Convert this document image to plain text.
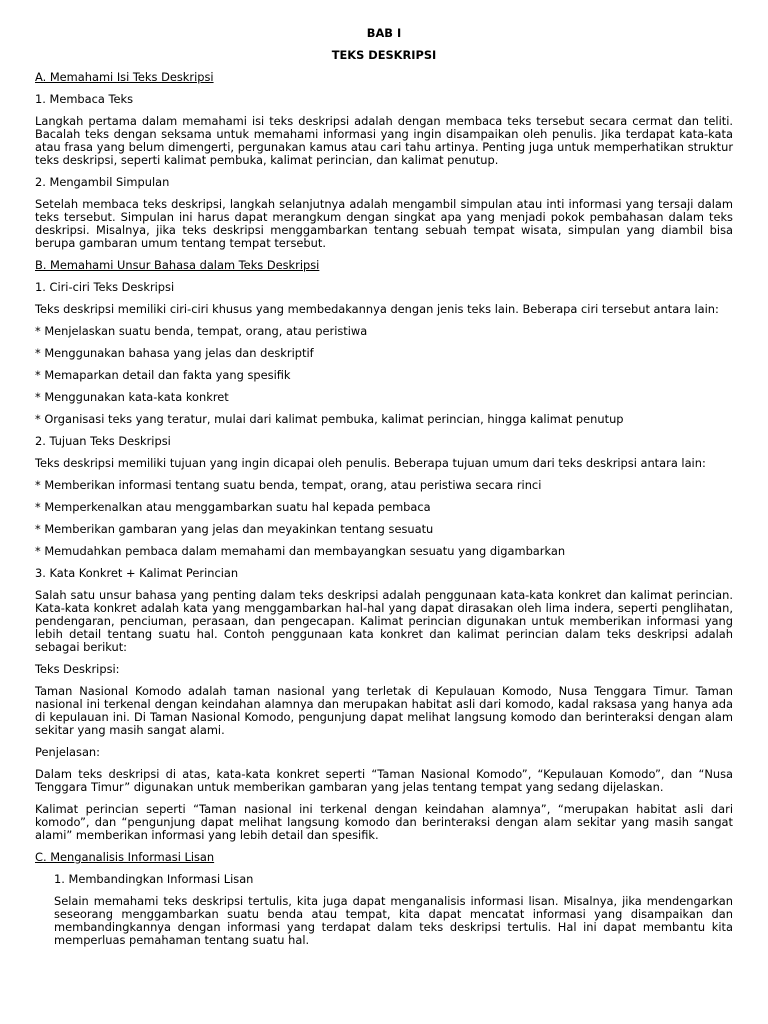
BAB I
TEKS DESKRIPSI
A. Memahami Isi Teks Deskripsi
1. Membaca Teks
Langkah pertama dalam memahami isi teks deskripsi adalah dengan membaca teks tersebut secara cermat dan teliti. Bacalah teks dengan seksama untuk memahami informasi yang ingin disampaikan oleh penulis. Jika terdapat kata-kata atau frasa yang belum dimengerti, pergunakan kamus atau cari tahu artinya. Penting juga untuk memperhatikan struktur teks deskripsi, seperti kalimat pembuka, kalimat perincian, dan kalimat penutup.
2. Mengambil Simpulan
Setelah membaca teks deskripsi, langkah selanjutnya adalah mengambil simpulan atau inti informasi yang tersaji dalam teks tersebut. Simpulan ini harus dapat merangkum dengan singkat apa yang menjadi pokok pembahasan dalam teks deskripsi. Misalnya, jika teks deskripsi menggambarkan tentang sebuah tempat wisata, simpulan yang diambil bisa berupa gambaran umum tentang tempat tersebut.
B. Memahami Unsur Bahasa dalam Teks Deskripsi
1. Ciri-ciri Teks Deskripsi
Teks deskripsi memiliki ciri-ciri khusus yang membedakannya dengan jenis teks lain. Beberapa ciri tersebut antara lain:
* Menjelaskan suatu benda, tempat, orang, atau peristiwa
* Menggunakan bahasa yang jelas dan deskriptif
* Memaparkan detail dan fakta yang spesifik
* Menggunakan kata-kata konkret
* Organisasi teks yang teratur, mulai dari kalimat pembuka, kalimat perincian, hingga kalimat penutup
2. Tujuan Teks Deskripsi
Teks deskripsi memiliki tujuan yang ingin dicapai oleh penulis. Beberapa tujuan umum dari teks deskripsi antara lain:
* Memberikan informasi tentang suatu benda, tempat, orang, atau peristiwa secara rinci
* Memperkenalkan atau menggambarkan suatu hal kepada pembaca
* Memberikan gambaran yang jelas dan meyakinkan tentang sesuatu
* Memudahkan pembaca dalam memahami dan membayangkan sesuatu yang digambarkan
3. Kata Konkret + Kalimat Perincian
Salah satu unsur bahasa yang penting dalam teks deskripsi adalah penggunaan kata-kata konkret dan kalimat perincian. Kata-kata konkret adalah kata yang menggambarkan hal-hal yang dapat dirasakan oleh lima indera, seperti penglihatan, pendengaran, penciuman, perasaan, dan pengecapan. Kalimat perincian digunakan untuk memberikan informasi yang lebih detail tentang suatu hal. Contoh penggunaan kata konkret dan kalimat perincian dalam teks deskripsi adalah sebagai berikut:
Teks Deskripsi:
Taman Nasional Komodo adalah taman nasional yang terletak di Kepulauan Komodo, Nusa Tenggara Timur. Taman nasional ini terkenal dengan keindahan alamnya dan merupakan habitat asli dari komodo, kadal raksasa yang hanya ada di kepulauan ini. Di Taman Nasional Komodo, pengunjung dapat melihat langsung komodo dan berinteraksi dengan alam sekitar yang masih sangat alami.
Penjelasan:
Dalam teks deskripsi di atas, kata-kata konkret seperti “Taman Nasional Komodo”, “Kepulauan Komodo”, dan “Nusa Tenggara Timur” digunakan untuk memberikan gambaran yang jelas tentang tempat yang sedang dijelaskan.
Kalimat perincian seperti “Taman nasional ini terkenal dengan keindahan alamnya”, “merupakan habitat asli dari komodo”, dan “pengunjung dapat melihat langsung komodo dan berinteraksi dengan alam sekitar yang masih sangat alami” memberikan informasi yang lebih detail dan spesifik.
C. Menganalisis Informasi Lisan
1. Membandingkan Informasi Lisan
Selain memahami teks deskripsi tertulis, kita juga dapat menganalisis informasi lisan. Misalnya, jika mendengarkan seseorang menggambarkan suatu benda atau tempat, kita dapat mencatat informasi yang disampaikan dan membandingkannya dengan informasi yang terdapat dalam teks deskripsi tertulis. Hal ini dapat membantu kita memperluas pemahaman tentang suatu hal.
